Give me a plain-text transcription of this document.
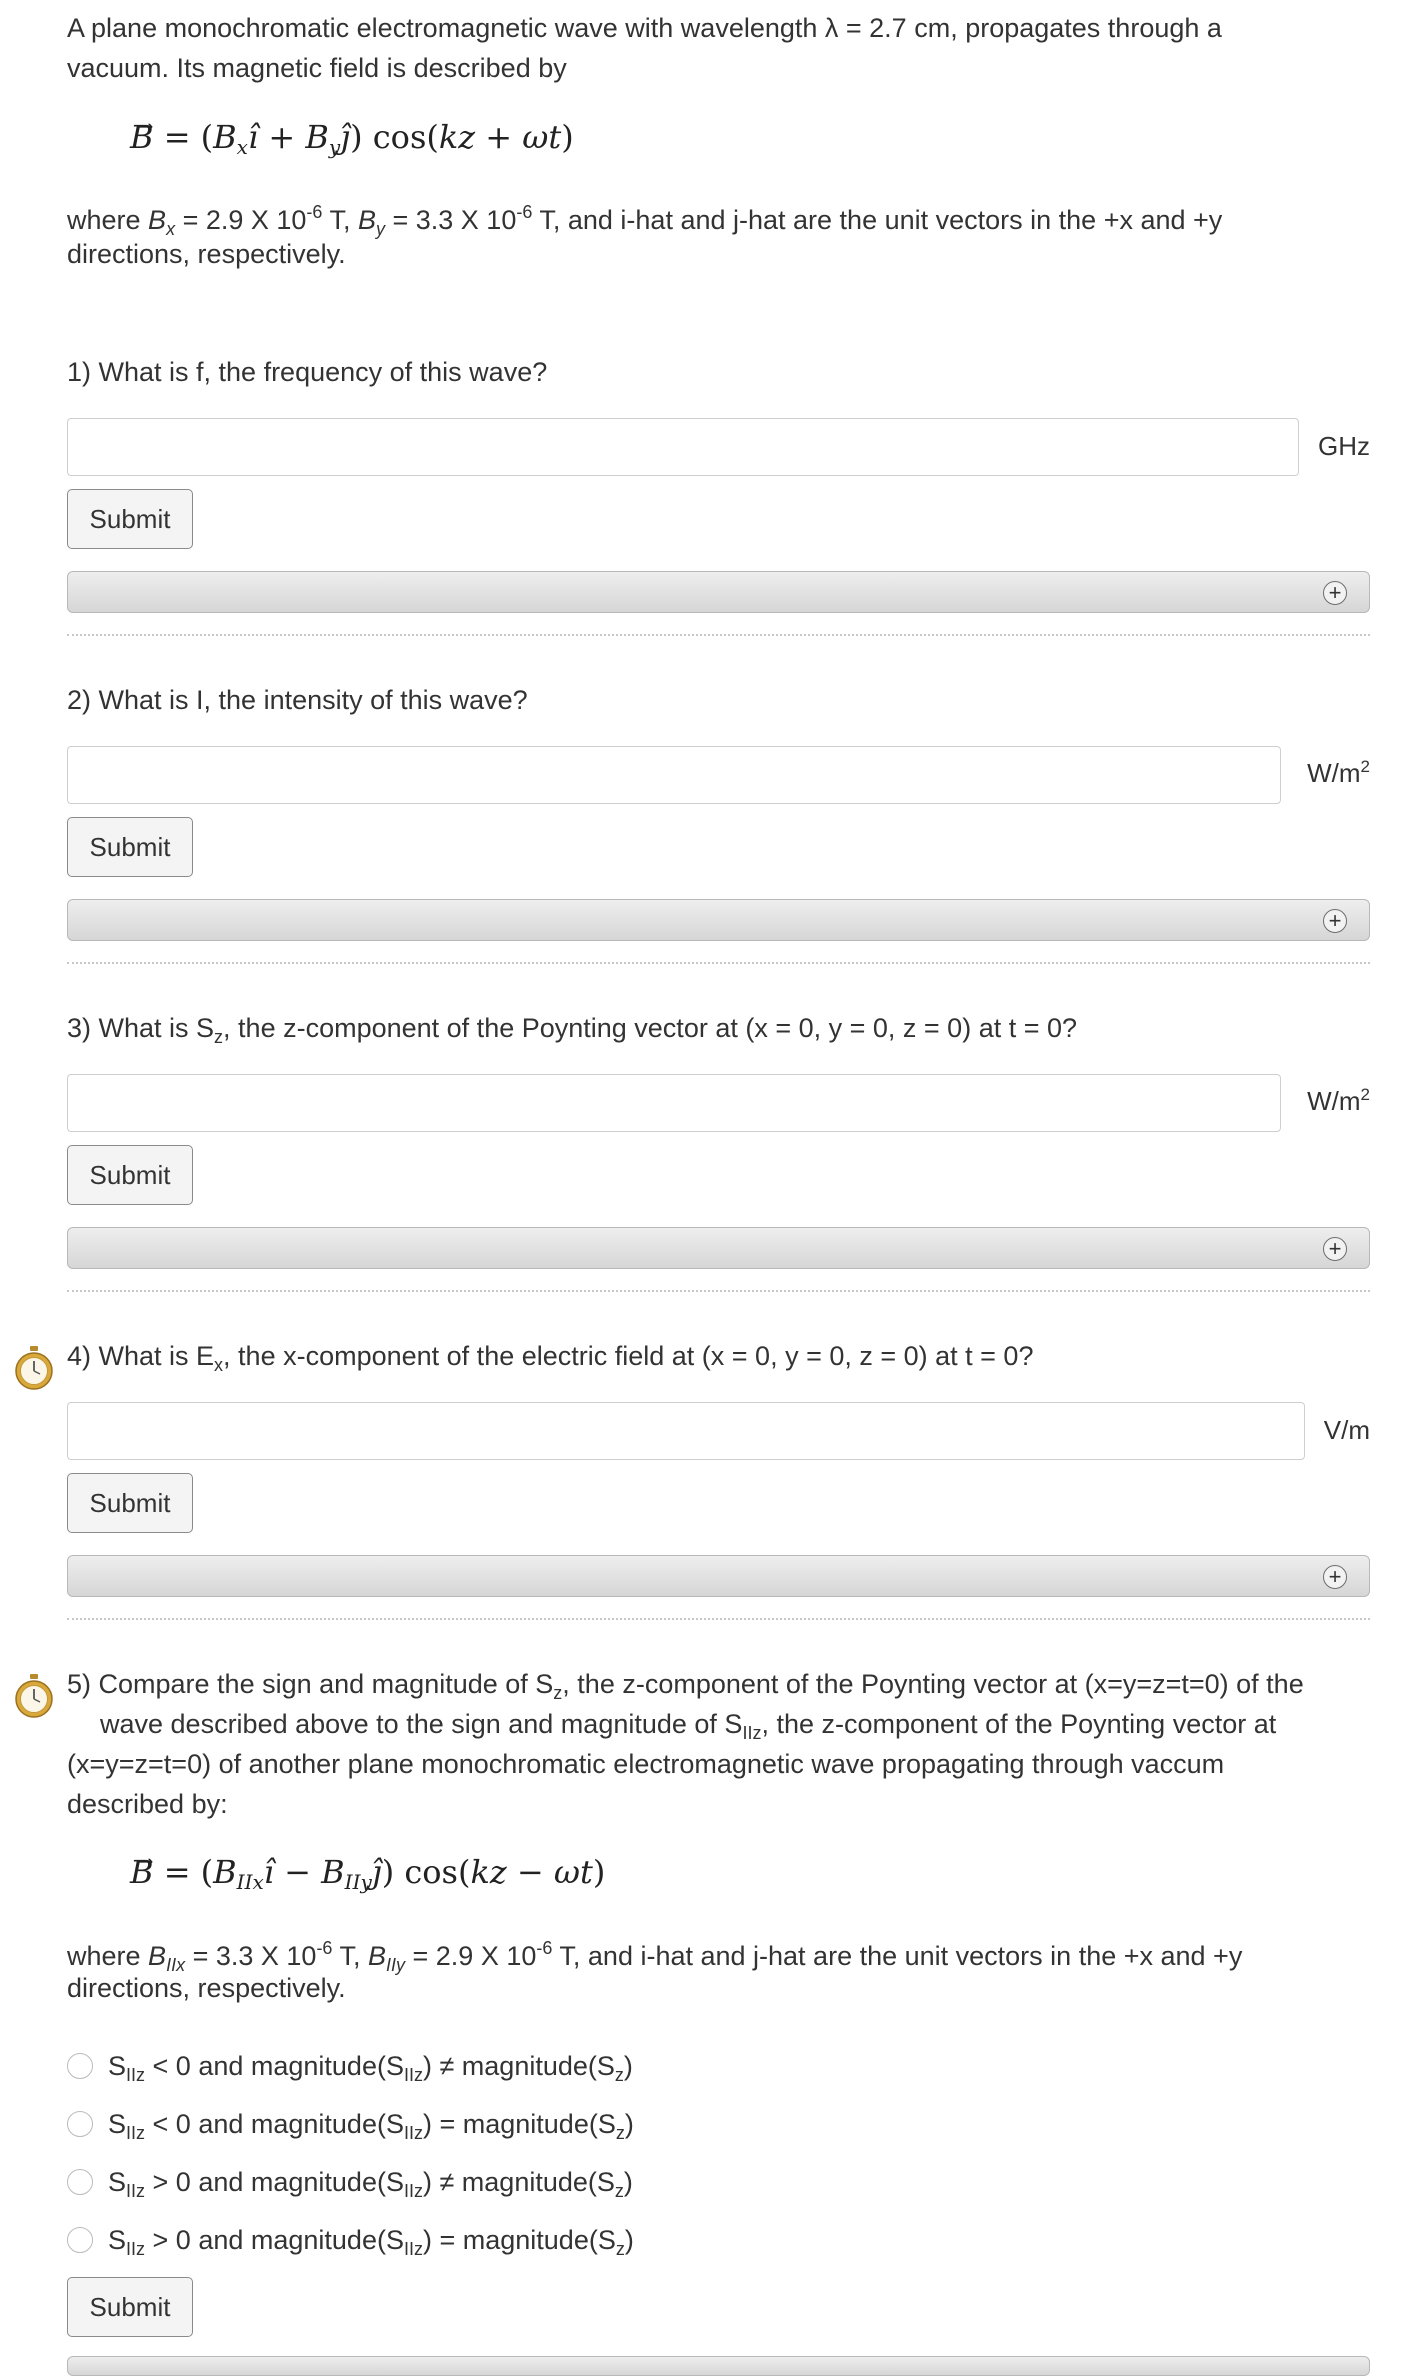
A plane monochromatic electromagnetic wave with wavelength λ = 2.7 cm, propagates through a
vacuum. Its magnetic field is described by
B⃗ = ($B_xî$ + $B_yĵ$) cos(kz + ωt)
where $B_x = 2.9$ X $10^{-6}$ T, $B_y = 3.3$ X $10^{-6}$ T, and i-hat and j-hat are the unit vectors in the +x and +y
directions, respectively.
1) What is f, the frequency of this wave?
GHz
Submit
+
2) What is I, the intensity of this wave?
$W/m^2$
Submit
+
3) What is $S_z$, the z-component of the Poynting vector at (x = 0, y = 0, z = 0) at t = 0?
$W/m^2$
Submit
+
4) What is $E_x$, the x-component of the electric field at (x = 0, y = 0, z = 0) at t = 0?
V/m
Submit
+
5) Compare the sign and magnitude of $S_z$, the z-component of the Poynting vector at (x=y=z=t=0) of the
wave described above to the sign and magnitude of $S_{IIz}$, the z-component of the Poynting vector at
(x=y=z=t=0) of another plane monochromatic electromagnetic wave propagating through vaccum
described by:
B⃗ = ($B_{IIx}î$ − $B_{IIy}ĵ$) cos(kz − ωt)
where $B_{IIx} = 3.3$ X $10^{-6}$ T, $B_{IIy} = 2.9$ X $10^{-6}$ T, and i-hat and j-hat are the unit vectors in the +x and +y
directions, respectively.
$S_{IIz} < 0$ and $magnitude(S_{IIz})$ ≠ $magnitude(S_z)$
$S_{IIz} < 0$ and $magnitude(S_{IIz})$ = $magnitude(S_z)$
$S_{IIz} > 0$ and $magnitude(S_{IIz})$ ≠ $magnitude(S_z)$
$S_{IIz} > 0$ and $magnitude(S_{IIz})$ = $magnitude(S_z)$
Submit
